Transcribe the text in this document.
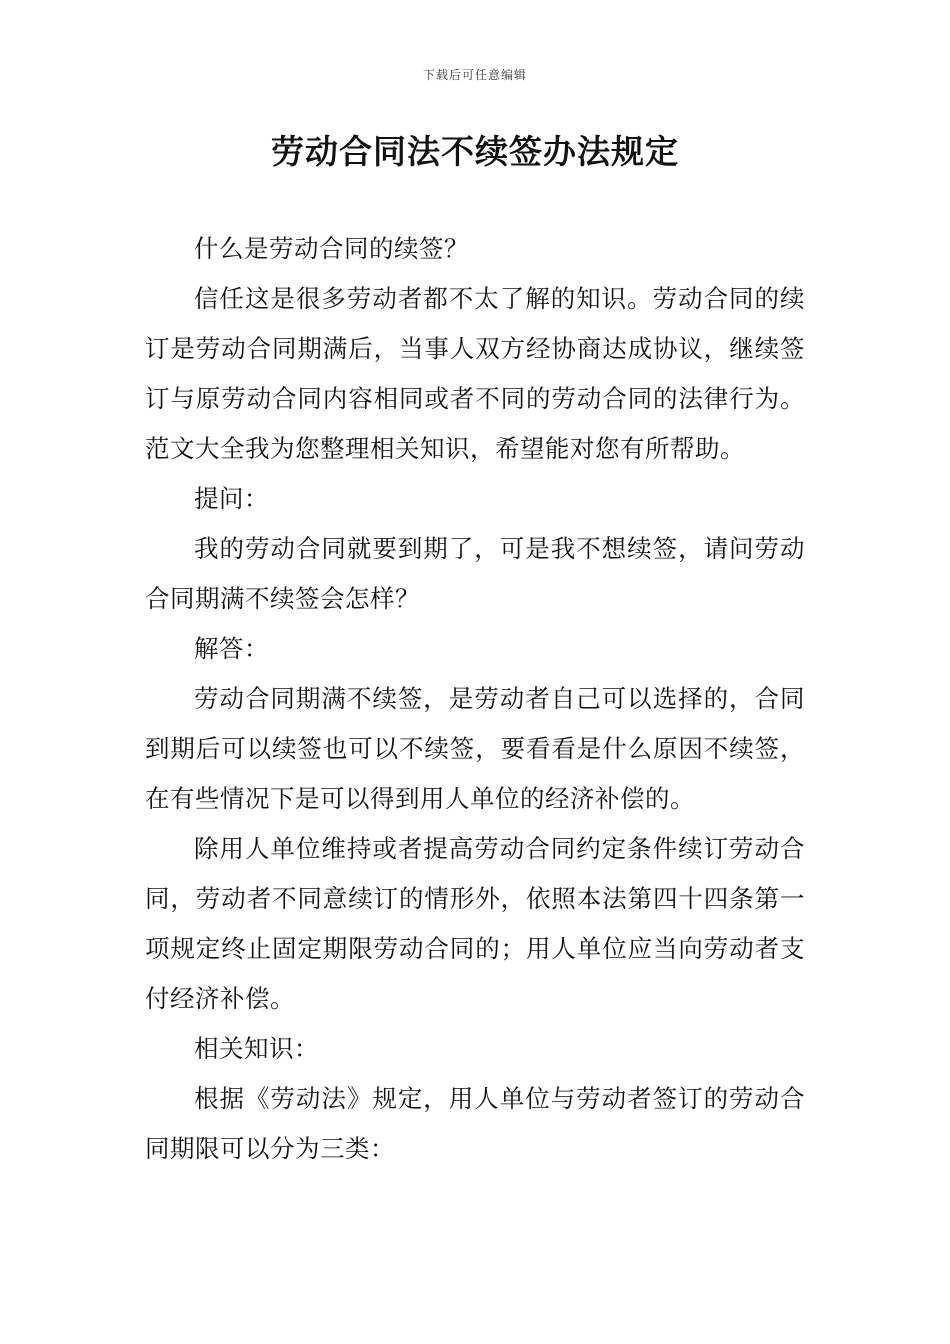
下载后可任意编辑
劳动合同法不续签办法规定

什么是劳动合同的续签？

信任这是很多劳动者都不太了解的知识。劳动合同的续订是劳动合同期满后，当事人双方经协商达成协议，继续签订与原劳动合同内容相同或者不同的劳动合同的法律行为。范文大全我为您整理相关知识，希望能对您有所帮助。

提问：

我的劳动合同就要到期了，可是我不想续签，请问劳动合同期满不续签会怎样？

解答：

劳动合同期满不续签，是劳动者自己可以选择的，合同到期后可以续签也可以不续签，要看看是什么原因不续签，在有些情况下是可以得到用人单位的经济补偿的。

除用人单位维持或者提高劳动合同约定条件续订劳动合同，劳动者不同意续订的情形外，依照本法第四十四条第一项规定终止固定期限劳动合同的；用人单位应当向劳动者支付经济补偿。

相关知识：

根据《劳动法》规定，用人单位与劳动者签订的劳动合同期限可以分为三类：
